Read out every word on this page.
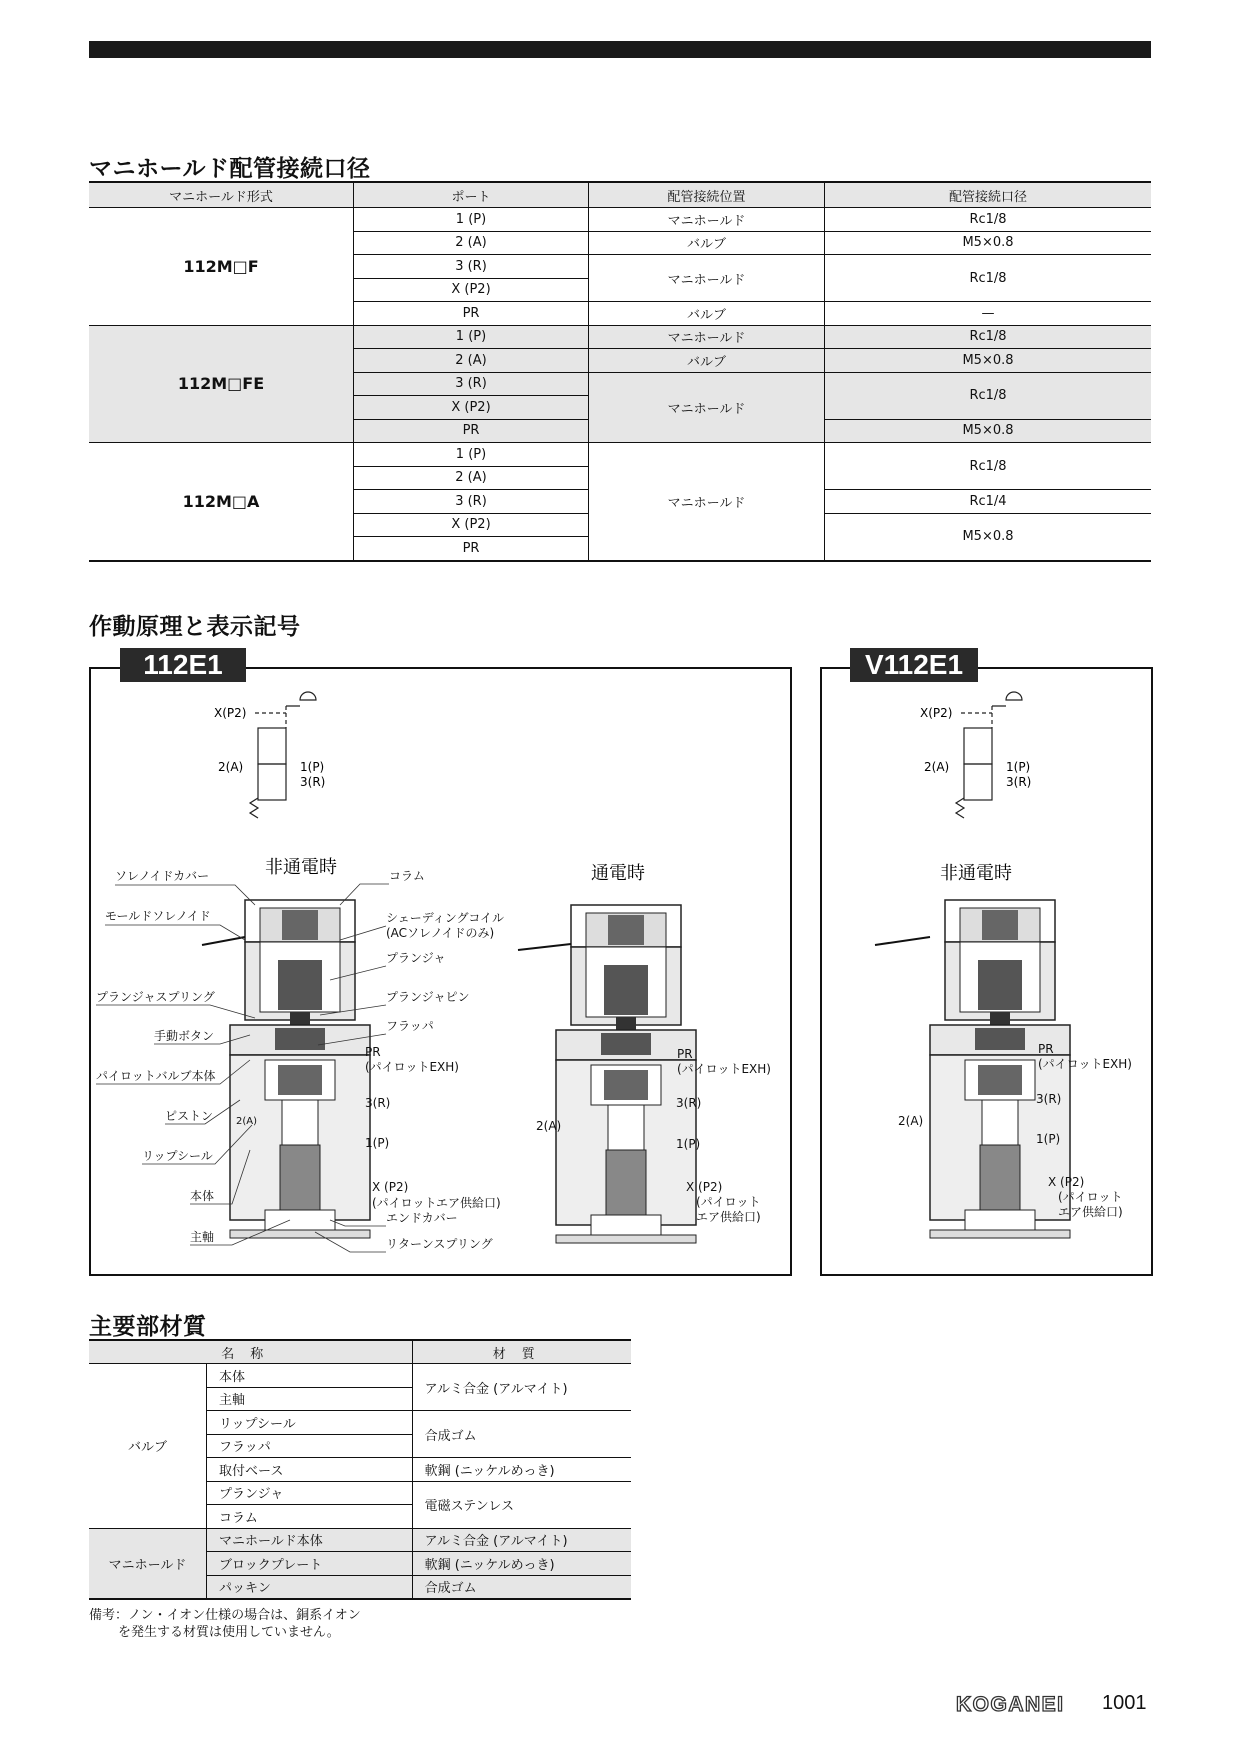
マニホールド配管接続口径
マニホールド形式	ポート	配管接続位置	配管接続口径
112M□F	1 (P)	マニホールド	Rc1/8
	2 (A)	バルブ	M5×0.8
	3 (R)	マニホールド	Rc1/8
	X (P2)		
	PR	バルブ	—
112M□FE	1 (P)	マニホールド	Rc1/8
	2 (A)	バルブ	M5×0.8
	3 (R)	マニホールド	Rc1/8
	X (P2)		
	PR		M5×0.8
112M□A	1 (P)	マニホールド	Rc1/8
	2 (A)		
	3 (R)		Rc1/4
	X (P2)		M5×0.8
	PR		
作動原理と表示記号
112E1	V112E1
X(P2)
2(A)	1(P)
3(R)
X(P2)
2(A)	1(P)
3(R)
非通電時	通電時	非通電時
ソレノイドカバー
モールドソレノイド
プランジャスプリング
手動ボタン
パイロットバルブ本体
ピストン
リップシール
本体
主軸
コラム
シェーディングコイル
(ACソレノイドのみ)
プランジャ
プランジャピン
フラッパ
(パイロットエア供給口)
エンドカバー
リターンスプリング
PR
(パイロットEXH)
3(R)
1(P)
X (P2)
2(A)
PR
(パイロットEXH)
3(R)
1(P)
X (P2)
(パイロット
エア供給口)
2(A)
PR
(パイロットEXH)
3(R)
1(P)
X (P2)
(パイロット
エア供給口)
2(A)
主要部材質
名称		材質
バルブ	本体	アルミ合金 (アルマイト)
	主軸	
	リップシール	合成ゴム
	フラッパ	
	取付ベース	軟鋼 (ニッケルめっき)
	プランジャ	電磁ステンレス
	コラム	
マニホールド	マニホールド本体	アルミ合金 (アルマイト)
	ブロックプレート	軟鋼 (ニッケルめっき)
	パッキン	合成ゴム
備考：ノン・イオン仕様の場合は、銅系イオン
を発生する材質は使用していません。
KOGANEI 1001
